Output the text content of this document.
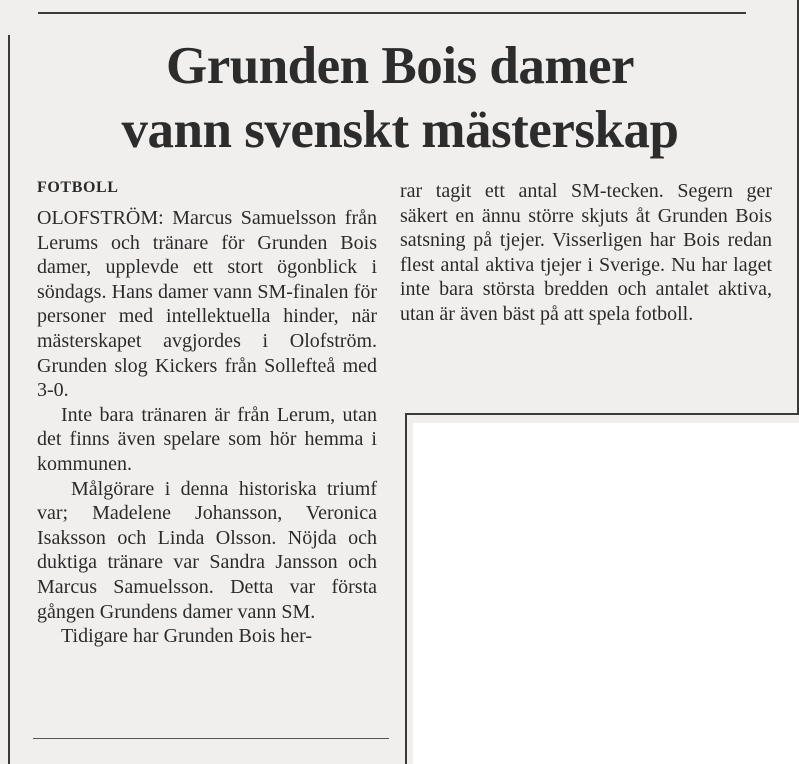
Grunden Bois damer
vann svenskt mästerskap
FOTBOLL

OLOFSTRÖM: Marcus Samuelsson från Lerums och tränare för Grunden Bois damer, upplevde ett stort ögonblick i söndags. Hans damer vann SM-finalen för personer med intellektuella hinder, när mästerskapet avgjordes i Olofström. Grunden slog Kickers från Sollefteå med 3-0.

Inte bara tränaren är från Lerum, utan det finns även spelare som hör hemma i kommunen.

Målgörare i denna historiska triumf var; Madelene Johansson, Veronica Isaksson och Linda Olsson. Nöjda och duktiga tränare var Sandra Jansson och Marcus Samuelsson. Detta var första gången Grundens damer vann SM.

Tidigare har Grunden Bois her-

rar tagit ett antal SM-tecken. Segern ger säkert en ännu större skjuts åt Grunden Bois satsning på tjejer. Visserligen har Bois redan flest antal aktiva tjejer i Sverige. Nu har laget inte bara största bredden och antalet aktiva, utan är även bäst på att spela fotboll.
